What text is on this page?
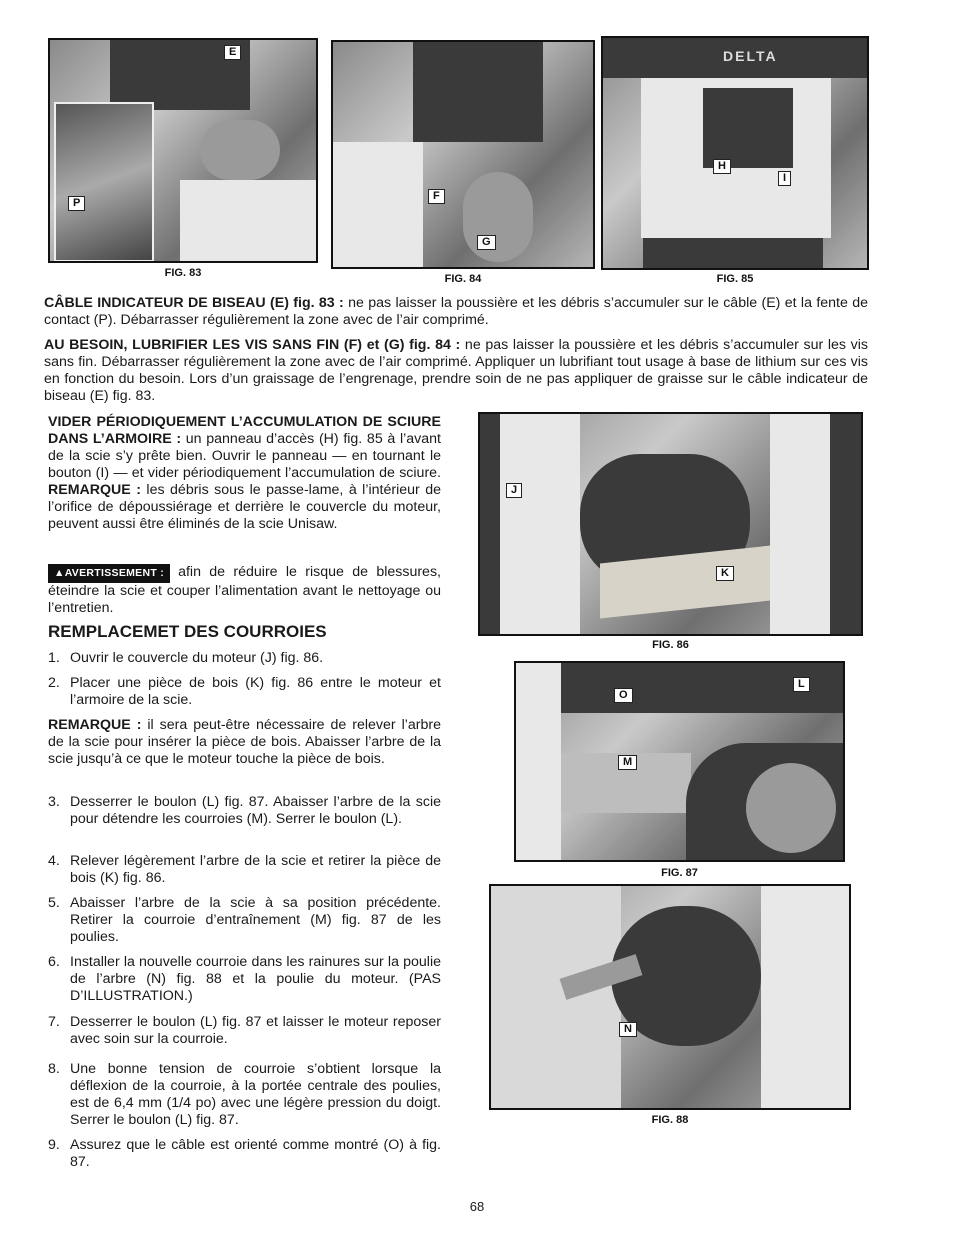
E
P
FIG. 83
F
G
FIG. 84
DELTA
H
I
FIG. 85

CÂBLE INDICATEUR DE BISEAU (E) fig. 83 : ne pas laisser la poussière et les débris s’accumuler sur le câble (E) et la fente de contact (P). Débarrasser régulièrement la zone avec de l’air comprimé.

AU BESOIN, LUBRIFIER LES VIS SANS FIN (F) et (G) fig. 84 : ne pas laisser la poussière et les débris s’accumuler sur les vis sans fin. Débarrasser régulièrement la zone avec de l’air comprimé. Appliquer un lubrifiant tout usage à base de lithium sur ces vis en fonction du besoin. Lors d’un graissage de l’engrenage, prendre soin de ne pas appliquer de graisse sur le câble indicateur de biseau (E) fig. 83.

VIDER PÉRIODIQUEMENT L’ACCUMULATION DE SCIURE DANS L’ARMOIRE : un panneau d’accès (H) fig. 85 à l’avant de la scie s’y prête bien. Ouvrir le panneau — en tournant le bouton (I) — et vider périodiquement l’accumulation de sciure. REMARQUE : les débris sous le passe-lame, à l’intérieur de l’orifice de dépoussiérage et derrière le couvercle du moteur, peuvent aussi être éliminés de la scie Unisaw.

▲AVERTISSEMENT : afin de réduire le risque de blessures, éteindre la scie et couper l’alimentation avant le nettoyage ou l’entretien.

REMPLACEMET DES COURROIES
1. Ouvrir le couvercle du moteur (J) fig. 86.
2. Placer une pièce de bois (K) fig. 86 entre le moteur et l’armoire de la scie.

REMARQUE : il sera peut-être nécessaire de relever l’arbre de la scie pour insérer la pièce de bois. Abaisser l’arbre de la scie jusqu’à ce que le moteur touche la pièce de bois.

3. Desserrer le boulon (L) fig. 87. Abaisser l’arbre de la scie pour détendre les courroies (M). Serrer le boulon (L).
4. Relever légèrement l’arbre de la scie et retirer la pièce de bois (K) fig. 86.
5. Abaisser l’arbre de la scie à sa position précédente. Retirer la courroie d’entraînement (M) fig. 87 de les poulies.
6. Installer la nouvelle courroie dans les rainures sur la poulie de l’arbre (N) fig. 88 et la poulie du moteur. (PAS D’ILLUSTRATION.)
7. Desserrer le boulon (L) fig. 87 et laisser le moteur reposer avec soin sur la courroie.
8. Une bonne tension de courroie s’obtient lorsque la déflexion de la courroie, à la portée centrale des poulies, est de 6,4 mm (1/4 po) avec une légère pression du doigt. Serrer le boulon (L) fig. 87.
9. Assurez que le câble est orienté comme montré (O) à fig. 87.
J
K
FIG. 86
O
L
M
FIG. 87
N
FIG. 88
68
